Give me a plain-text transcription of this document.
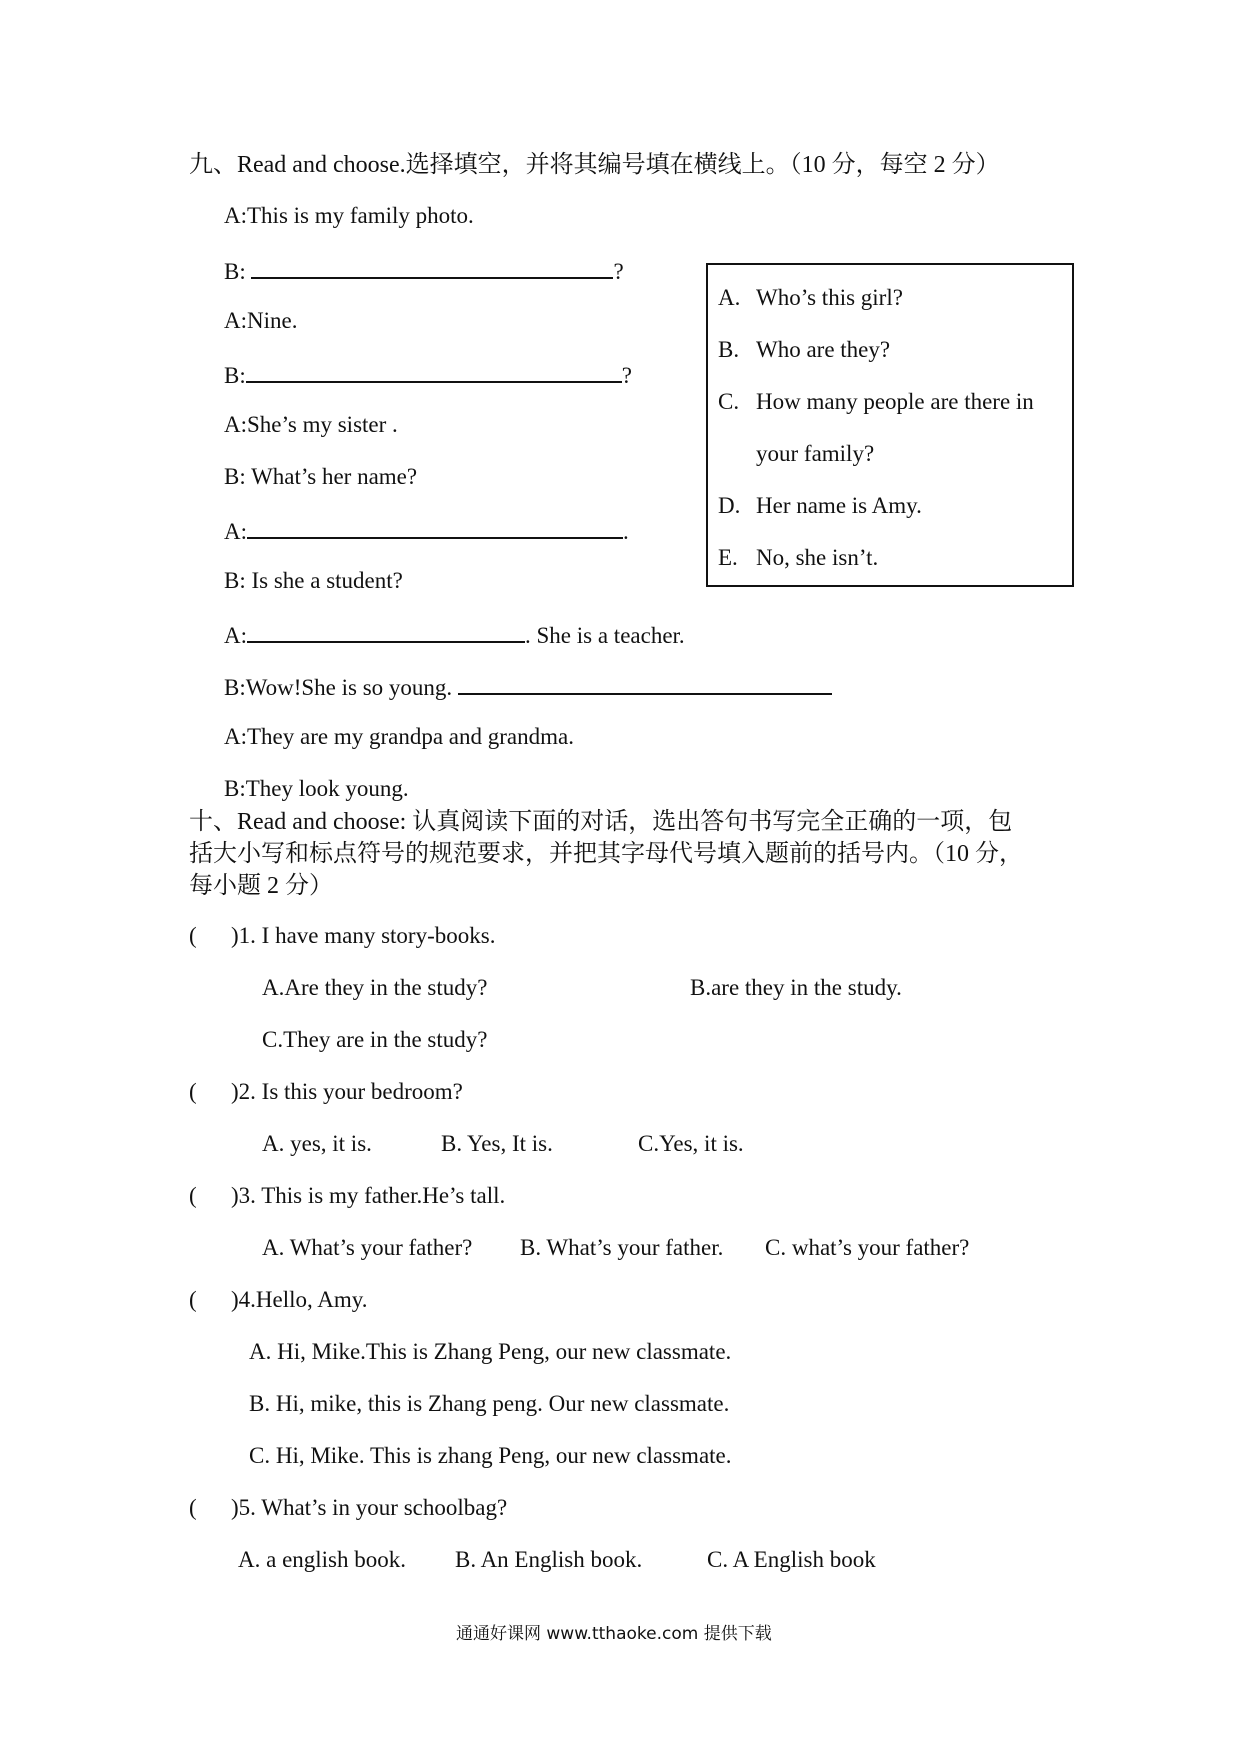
九、Read and choose.选择填空，并将其编号填在横线上。（10 分，每空 2 分）
A:This is my family photo.
B:	?
A:Nine.
B:	?
A:She’s my sister .
B: What’s her name?
A:	.
B: Is she a student?
A:	. She is a teacher.
B:Wow!She is so young.
A:They are my grandpa and grandma.
B:They look young.
A. Who’s this girl?
B. Who are they?
C. How many people are there in
your family?
D. Her name is Amy.
E. No, she isn’t.
十、Read and choose: 认真阅读下面的对话，选出答句书写完全正确的一项，包
括大小写和标点符号的规范要求，并把其字母代号填入题前的括号内。（10 分，
每小题 2 分）
( )1. I have many story-books.
A.Are they in the study?	B.are they in the study.
C.They are in the study?
( )2. Is this your bedroom?
A. yes, it is.	B. Yes, It is.	C.Yes, it is.
( )3. This is my father.He’s tall.
A. What’s your father? B. What’s your father. C. what’s your father?
( )4.Hello, Amy.
A. Hi, Mike.This is Zhang Peng, our new classmate.
B. Hi, mike, this is Zhang peng. Our new classmate.
C. Hi, Mike. This is zhang Peng, our new classmate.
( )5. What’s in your schoolbag?
A. a english book. B. An English book.	C. A English book
通通好课网 www.tthaoke.com 提供下载
